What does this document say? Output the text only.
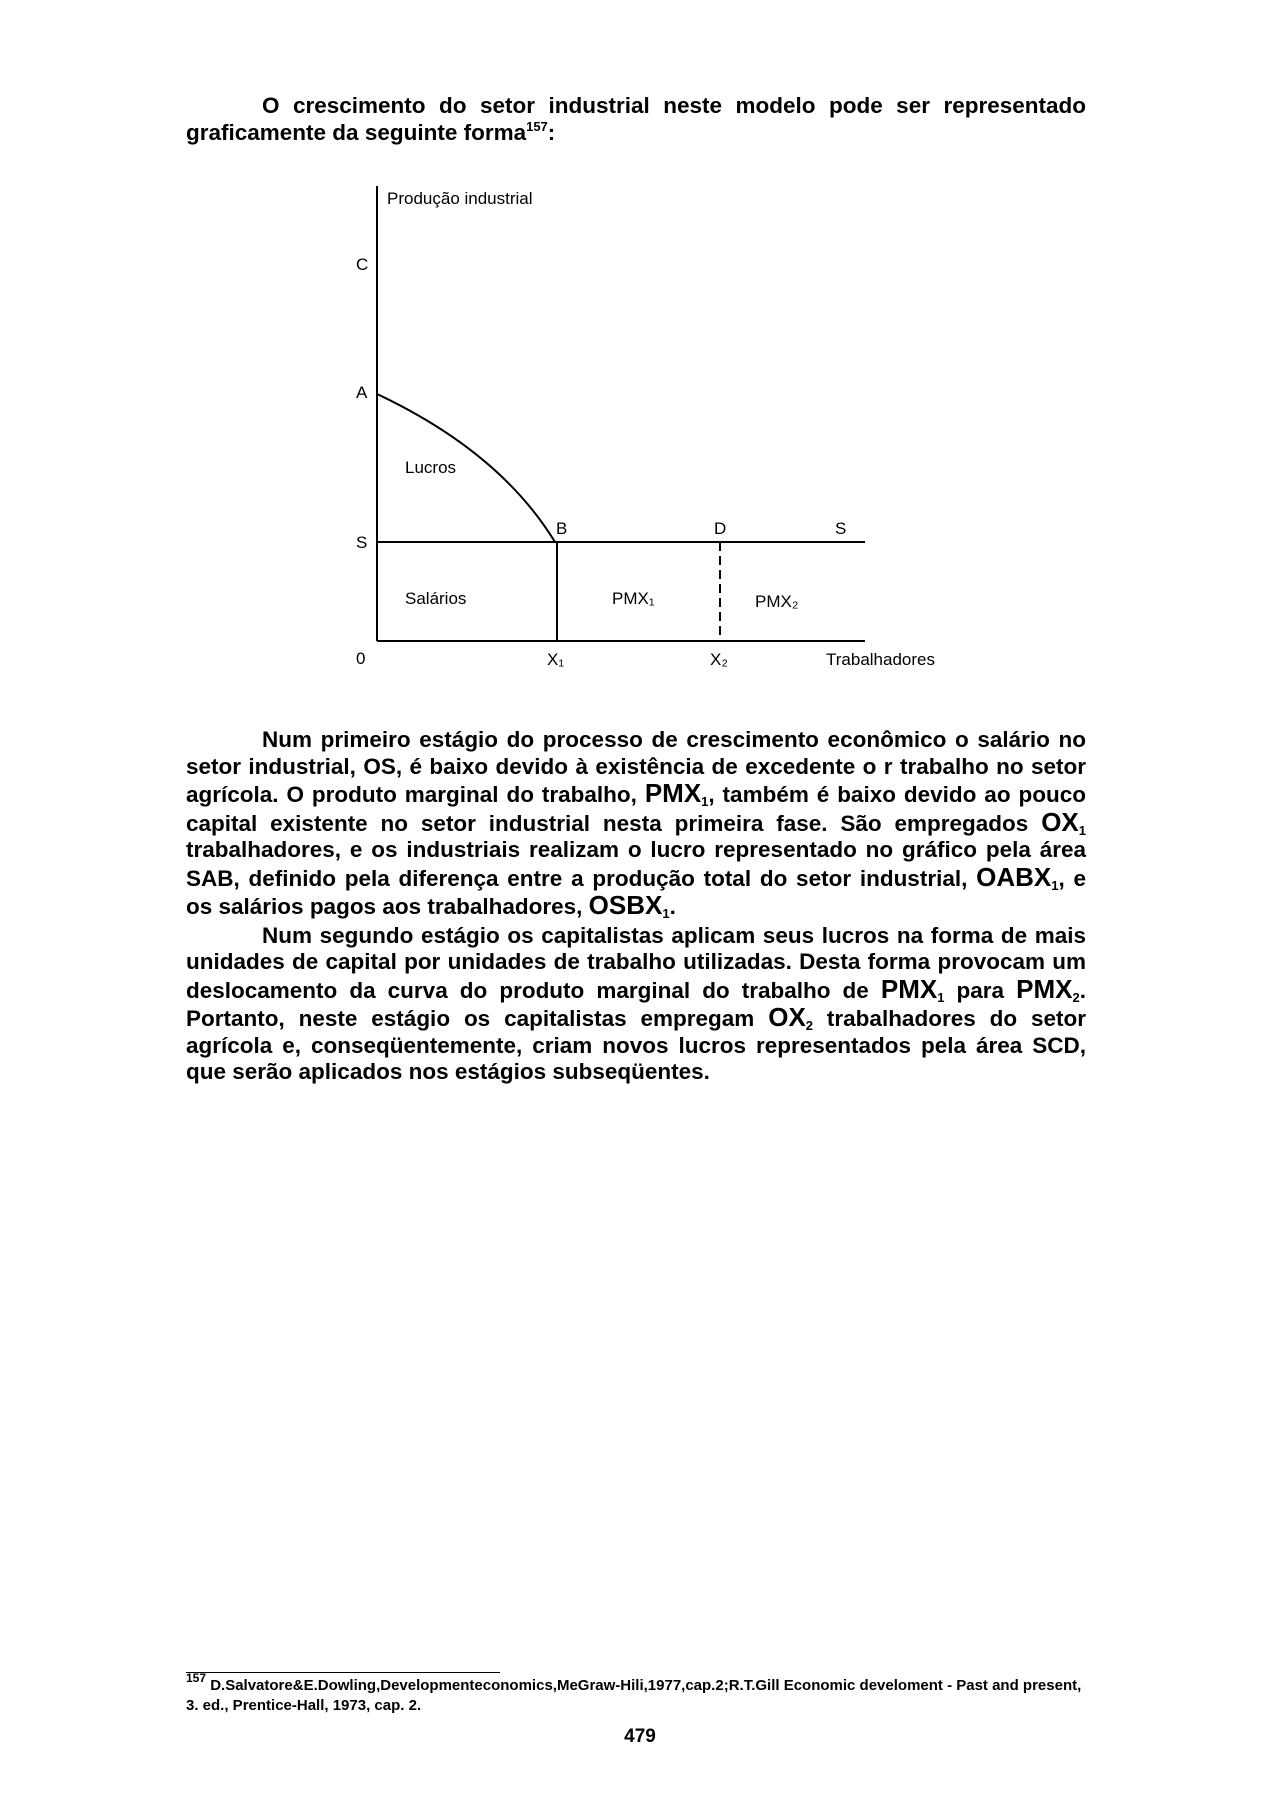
O crescimento do setor industrial neste modelo pode ser representado graficamente da seguinte forma$^{157}$:

Produção industrial
C
A
S
0
Lucros
Salários	PMX₁	PMX₂
B	D	S
X₁	X₂	Trabalhadores

Num primeiro estágio do processo de crescimento econômico o salário no setor industrial, OS, é baixo devido à existência de excedente o r trabalho no setor agrícola. O produto marginal do trabalho, $PMX_1$, também é baixo devido ao pouco capital existente no setor industrial nesta primeira fase. São empregados $OX_1$ trabalhadores, e os industriais realizam o lucro representado no gráfico pela área SAB, definido pela diferença entre a produção total do setor industrial, $OABX_1$, e os salários pagos aos trabalhadores, $OSBX_1$.

Num segundo estágio os capitalistas aplicam seus lucros na forma de mais unidades de capital por unidades de trabalho utilizadas. Desta forma provocam um deslocamento da curva do produto marginal do trabalho de $PMX_1$ para $PMX_2$. Portanto, neste estágio os capitalistas empregam $OX_2$ trabalhadores do setor agrícola e, conseqüentemente, criam novos lucros representados pela área SCD, que serão aplicados nos estágios subseqüentes.

$^{157}$ D.Salvatore&E.Dowling,Developmenteconomics,MeGraw-Hili,1977,cap.2;R.T.Gill Economic develoment - Past and present, 3. ed., Prentice-Hall, 1973, cap. 2.
479
